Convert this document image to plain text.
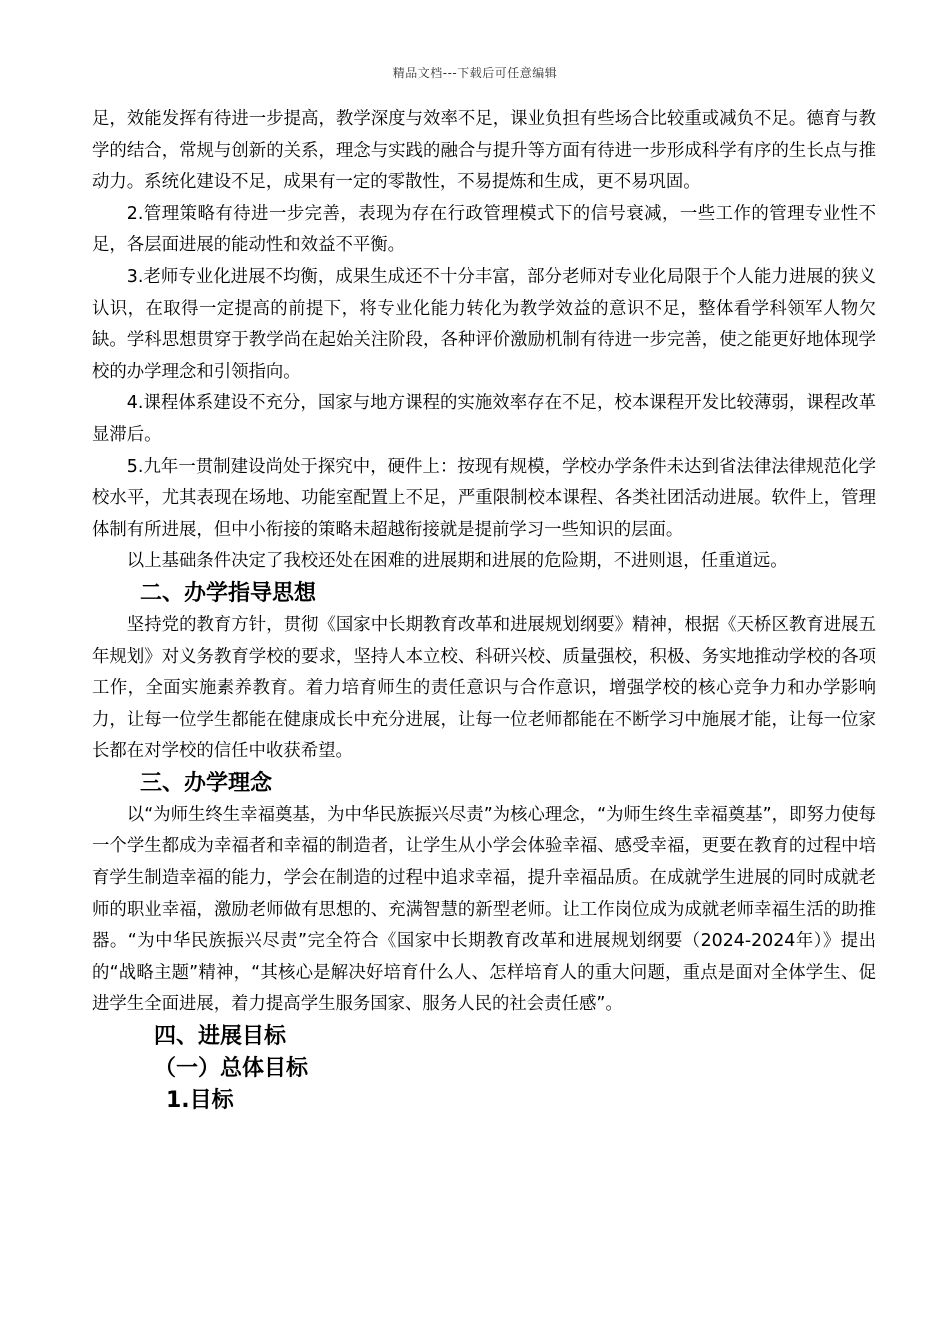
精品文档---下载后可任意编辑

足，效能发挥有待进一步提高，教学深度与效率不足，课业负担有些场合比较重或减负不足。德育与教学的结合，常规与创新的关系，理念与实践的融合与提升等方面有待进一步形成科学有序的生长点与推动力。系统化建设不足，成果有一定的零散性，不易提炼和生成，更不易巩固。

2.管理策略有待进一步完善，表现为存在行政管理模式下的信号衰减，一些工作的管理专业性不足，各层面进展的能动性和效益不平衡。

3.老师专业化进展不均衡，成果生成还不十分丰富，部分老师对专业化局限于个人能力进展的狭义认识，在取得一定提高的前提下，将专业化能力转化为教学效益的意识不足，整体看学科领军人物欠缺。学科思想贯穿于教学尚在起始关注阶段，各种评价激励机制有待进一步完善，使之能更好地体现学校的办学理念和引领指向。

4.课程体系建设不充分，国家与地方课程的实施效率存在不足，校本课程开发比较薄弱，课程改革显滞后。

5.九年一贯制建设尚处于探究中，硬件上：按现有规模，学校办学条件未达到省法律法律规范化学校水平，尤其表现在场地、功能室配置上不足，严重限制校本课程、各类社团活动进展。软件上，管理体制有所进展，但中小衔接的策略未超越衔接就是提前学习一些知识的层面。

以上基础条件决定了我校还处在困难的进展期和进展的危险期，不进则退，任重道远。

二、办学指导思想

坚持党的教育方针，贯彻《国家中长期教育改革和进展规划纲要》精神，根据《天桥区教育进展五年规划》对义务教育学校的要求，坚持人本立校、科研兴校、质量强校，积极、务实地推动学校的各项工作，全面实施素养教育。着力培育师生的责任意识与合作意识，增强学校的核心竞争力和办学影响力，让每一位学生都能在健康成长中充分进展，让每一位老师都能在不断学习中施展才能，让每一位家长都在对学校的信任中收获希望。

三、办学理念

以“为师生终生幸福奠基，为中华民族振兴尽责”为核心理念，“为师生终生幸福奠基”，即努力使每一个学生都成为幸福者和幸福的制造者，让学生从小学会体验幸福、感受幸福，更要在教育的过程中培育学生制造幸福的能力，学会在制造的过程中追求幸福，提升幸福品质。在成就学生进展的同时成就老师的职业幸福，激励老师做有思想的、充满智慧的新型老师。让工作岗位成为成就老师幸福生活的助推器。“为中华民族振兴尽责”完全符合《国家中长期教育改革和进展规划纲要（2024-2024年）》提出的“战略主题”精神，“其核心是解决好培育什么人、怎样培育人的重大问题，重点是面对全体学生、促进学生全面进展，着力提高学生服务国家、服务人民的社会责任感”。

四、进展目标
（一）总体目标
1.目标
